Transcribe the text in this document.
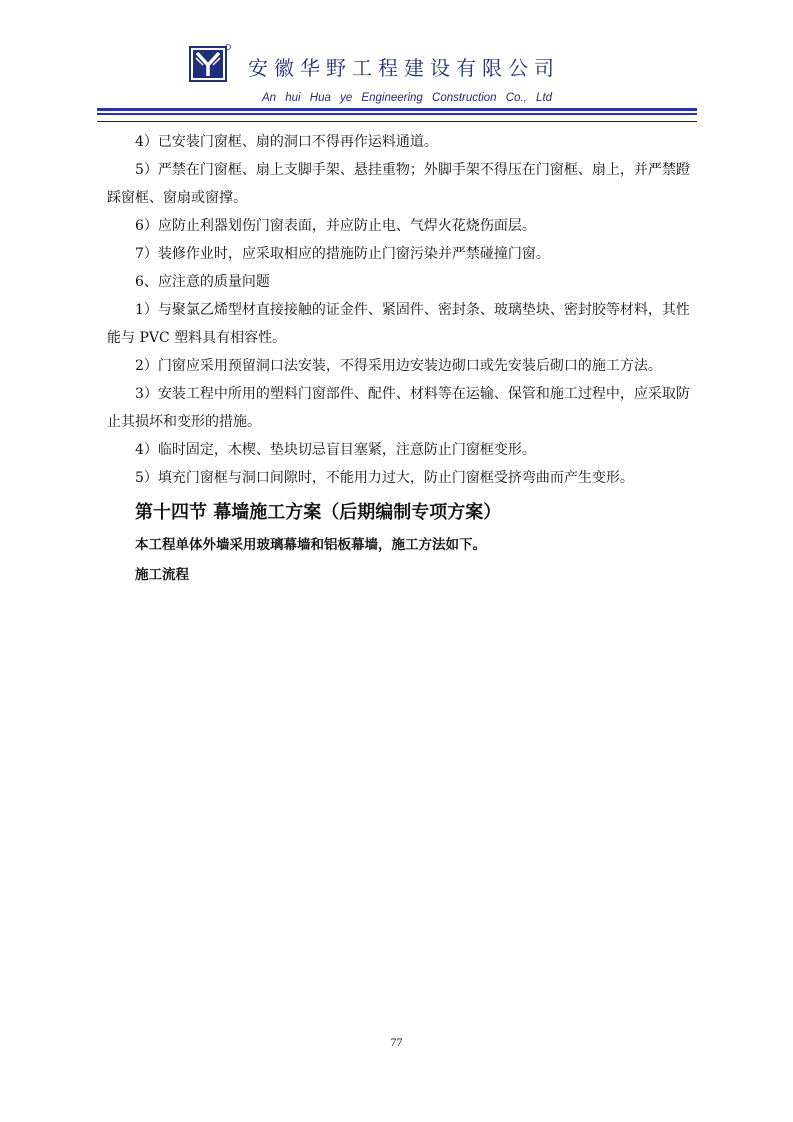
安徽华野工程建设有限公司
An hui Hua ye Engineering Construction Co., Ltd

4）已安装门窗框、扇的洞口不得再作运料通道。

5）严禁在门窗框、扇上支脚手架、悬挂重物；外脚手架不得压在门窗框、扇上，并严禁蹬踩窗框、窗扇或窗撑。

6）应防止利器划伤门窗表面，并应防止电、气焊火花烧伤面层。

7）装修作业时，应采取相应的措施防止门窗污染并严禁碰撞门窗。

6、应注意的质量问题

1）与聚氯乙烯型材直接接触的证金件、紧固件、密封条、玻璃垫块、密封胶等材料，其性能与 PVC 塑料具有相容性。

2）门窗应采用预留洞口法安装，不得采用边安装边砌口或先安装后砌口的施工方法。

3）安装工程中所用的塑料门窗部件、配件、材料等在运输、保管和施工过程中，应采取防止其损坏和变形的措施。

4）临时固定，木楔、垫块切忌盲目塞紧，注意防止门窗框变形。

5）填充门窗框与洞口间隙时，不能用力过大，防止门窗框受挤弯曲而产生变形。

第十四节 幕墙施工方案（后期编制专项方案）

本工程单体外墙采用玻璃幕墙和铝板幕墙，施工方法如下。

施工流程

77
